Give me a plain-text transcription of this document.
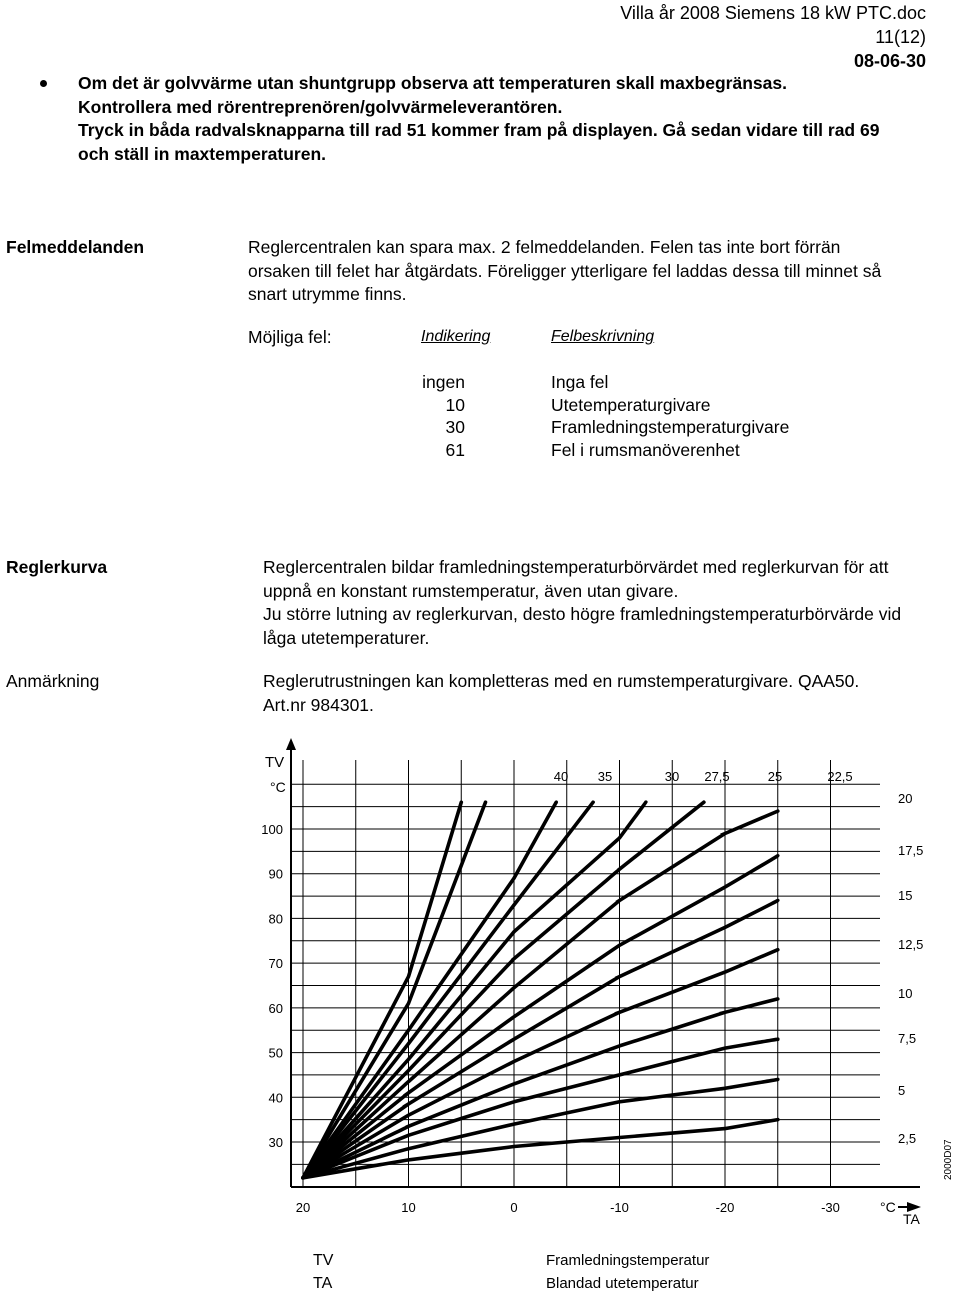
Villa år 2008 Siemens 18 kW PTC.doc
11(12)
08-06-30
Om det är golvvärme utan shuntgrupp observa att temperaturen skall maxbegränsas.
Kontrollera med rörentreprenören/golvvärmeleverantören.
Tryck in båda radvalsknapparna till rad 51 kommer fram på displayen. Gå sedan vidare till rad 69
och ställ in maxtemperaturen.
Felmeddelanden	Reglercentralen kan spara max. 2 felmeddelanden. Felen tas inte bort förrän
orsaken till felet har åtgärdats. Föreligger ytterligare fel laddas dessa till minnet så
snart utrymme finns.
Möjliga fel:	Indikering	Felbeskrivning
ingen	Inga fel
10	Utetemperaturgivare
30	Framledningstemperaturgivare
61	Fel i rumsmanöverenhet
Reglerkurva	Reglercentralen bildar framledningstemperaturbörvärdet med reglerkurvan för att
uppnå en konstant rumstemperatur, även utan givare.
Ju större lutning av reglerkurvan, desto högre framledningstemperaturbörvärde vid
låga utetemperaturer.
Anmärkning	Reglerutrustningen kan kompletteras med en rumstemperaturgivare. QAA50.
Art.nr 984301.
TV
°C
°C
TA
100
90
80
70
60
50
40
30
20	10	0	-10	-20	-30
40 35	30 27,5	25	22,5
20
17,5
15
12,5
10
7,5
5
2,5
2000D07
TV	Framledningstemperatur
TA	Blandad utetemperatur
